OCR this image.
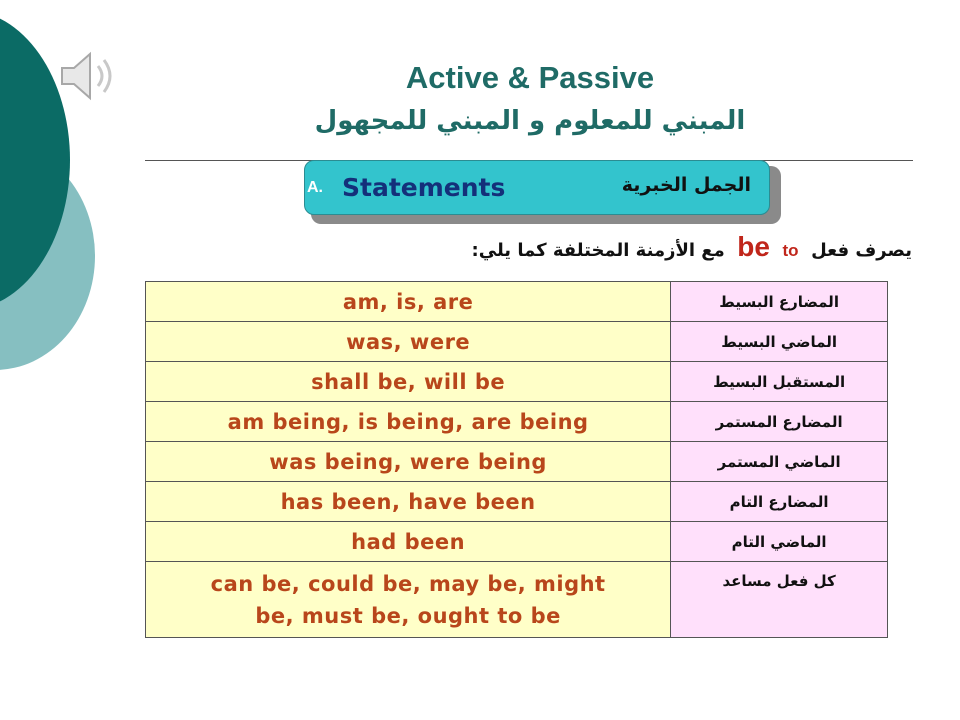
Active & Passive
المبني للمعلوم و المبني للمجهول
A. Statements	الجمل الخبرية
يصرف فعل  be to  مع الأزمنة المختلفة كما يلي:
am, is, are	المضارع البسيط
was, were	الماضي البسيط
shall be, will be	المستقبل البسيط
am being, is being, are being	المضارع المستمر
was being, were being	الماضي المستمر
has been, have been	المضارع التام
had been	الماضي التام
can be, could be, may be, might
be, must be, ought to be	كل فعل مساعد
